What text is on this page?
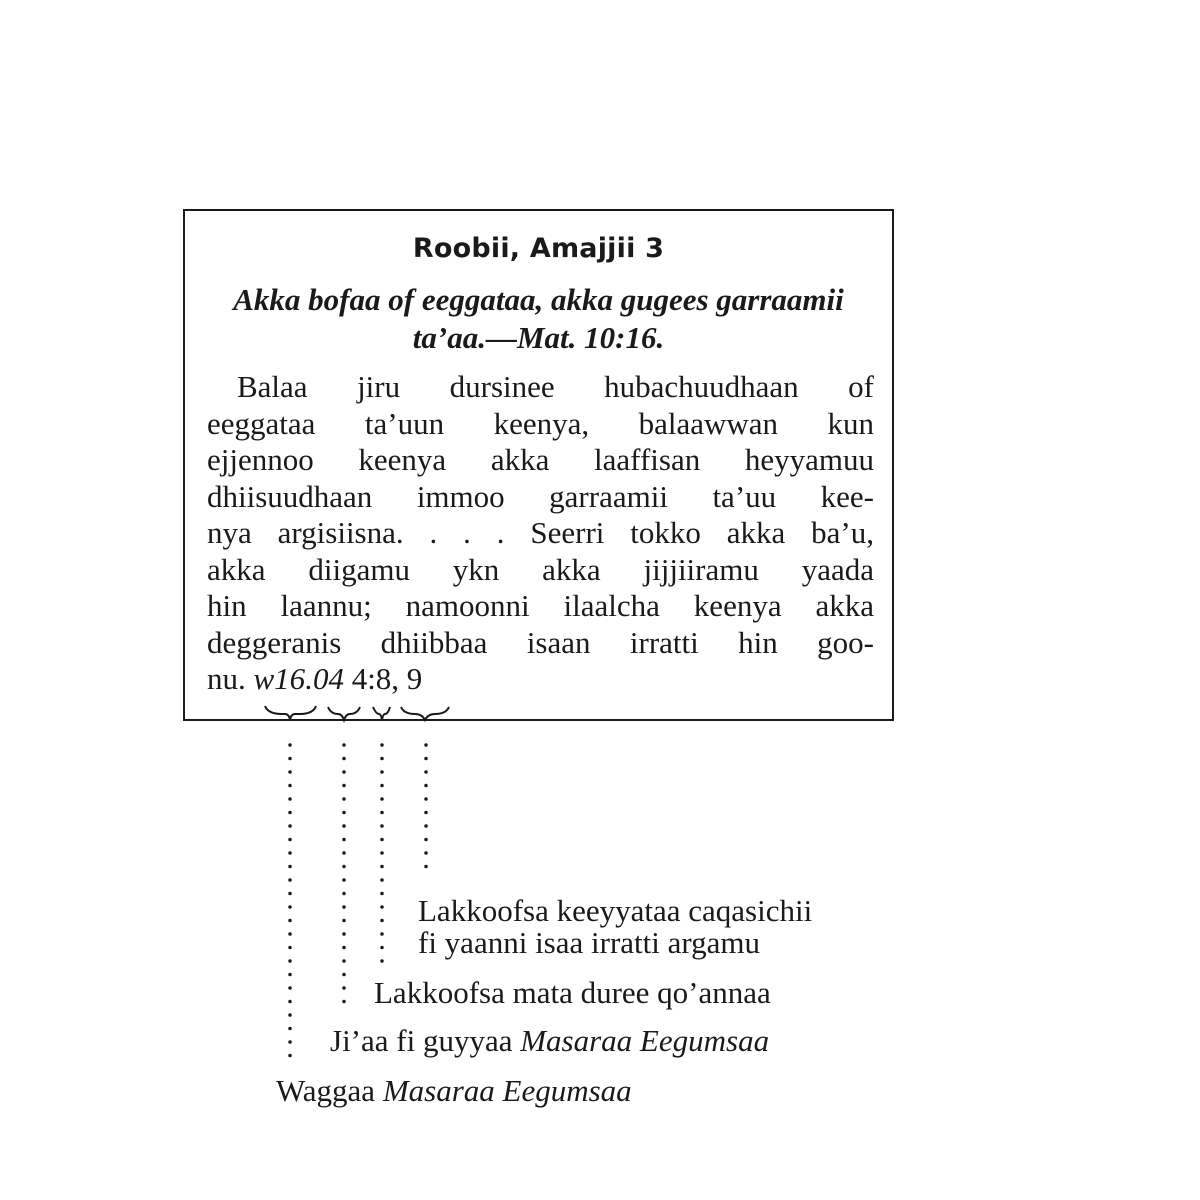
Roobii, Amajjii 3
Akka bofaa of eeggataa, akka gugees garraamii ta’aa.—Mat. 10:16.
Balaa jiru dursinee hubachuudhaan of
eeggataa ta’uun keenya, balaawwan kun
ejjennoo keenya akka laaffisan heyyamuu
dhiisuudhaan immoo garraamii ta’uu kee-
nya argisiisna. . . . Seerri tokko akka ba’u,
akka diigamu ykn akka jijjiiramu yaada
hin laannu; namoonni ilaalcha keenya akka
deggeranis dhiibbaa isaan irratti hin goo-
nu. w16.04 4:8, 9
Lakkoofsa keeyyataa caqasichii
fi yaanni isaa irratti argamu
Lakkoofsa mata duree qo’annaa
Ji’aa fi guyyaa Masaraa Eegumsaa
Waggaa Masaraa Eegumsaa
